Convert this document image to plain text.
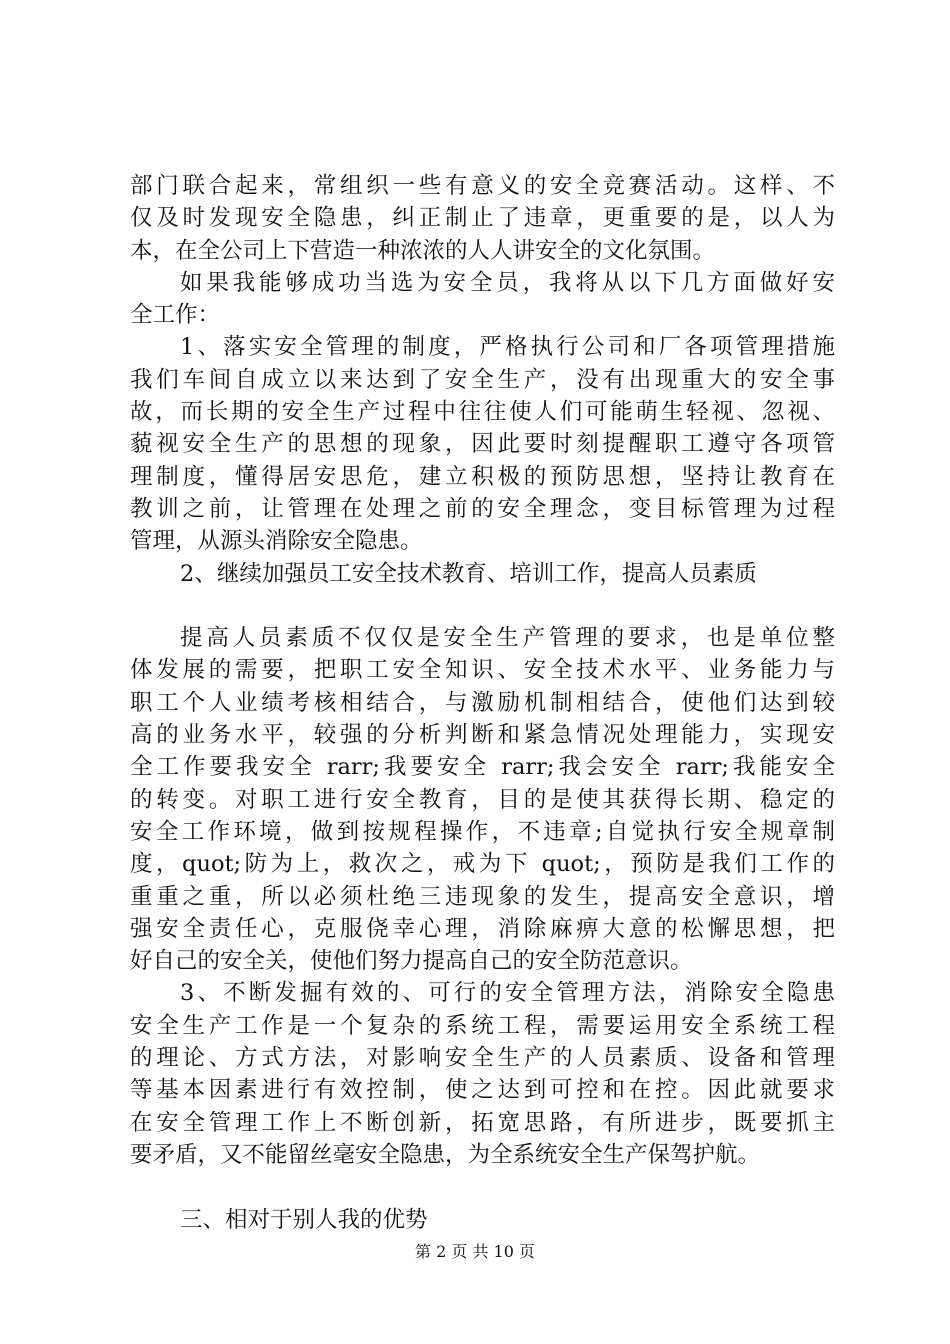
部门联合起来，常组织一些有意义的安全竞赛活动。这样、不
仅及时发现安全隐患，纠正制止了违章，更重要的是，以人为
本，在全公司上下营造一种浓浓的人人讲安全的文化氛围。
如果我能够成功当选为安全员，我将从以下几方面做好安
全工作：
1、落实安全管理的制度，严格执行公司和厂各项管理措施
我们车间自成立以来达到了安全生产，没有出现重大的安全事
故，而长期的安全生产过程中往往使人们可能萌生轻视、忽视、
藐视安全生产的思想的现象，因此要时刻提醒职工遵守各项管
理制度，懂得居安思危，建立积极的预防思想，坚持让教育在
教训之前，让管理在处理之前的安全理念，变目标管理为过程
管理，从源头消除安全隐患。
2、继续加强员工安全技术教育、培训工作，提高人员素质
提高人员素质不仅仅是安全生产管理的要求，也是单位整
体发展的需要，把职工安全知识、安全技术水平、业务能力与
职工个人业绩考核相结合，与激励机制相结合，使他们达到较
高的业务水平，较强的分析判断和紧急情况处理能力，实现安
全工作要我安全 rarr;我要安全 rarr;我会安全 rarr;我能安全
的转变。对职工进行安全教育，目的是使其获得长期、稳定的
安全工作环境，做到按规程操作，不违章;自觉执行安全规章制
度，quot;防为上，救次之，戒为下 quot;，预防是我们工作的
重重之重，所以必须杜绝三违现象的发生，提高安全意识，增
强安全责任心，克服侥幸心理，消除麻痹大意的松懈思想，把
好自己的安全关，使他们努力提高自己的安全防范意识。
3、不断发掘有效的、可行的安全管理方法，消除安全隐患
安全生产工作是一个复杂的系统工程，需要运用安全系统工程
的理论、方式方法，对影响安全生产的人员素质、设备和管理
等基本因素进行有效控制，使之达到可控和在控。因此就要求
在安全管理工作上不断创新，拓宽思路，有所进步，既要抓主
要矛盾，又不能留丝毫安全隐患，为全系统安全生产保驾护航。
三、相对于别人我的优势
第 2 页 共 10 页
